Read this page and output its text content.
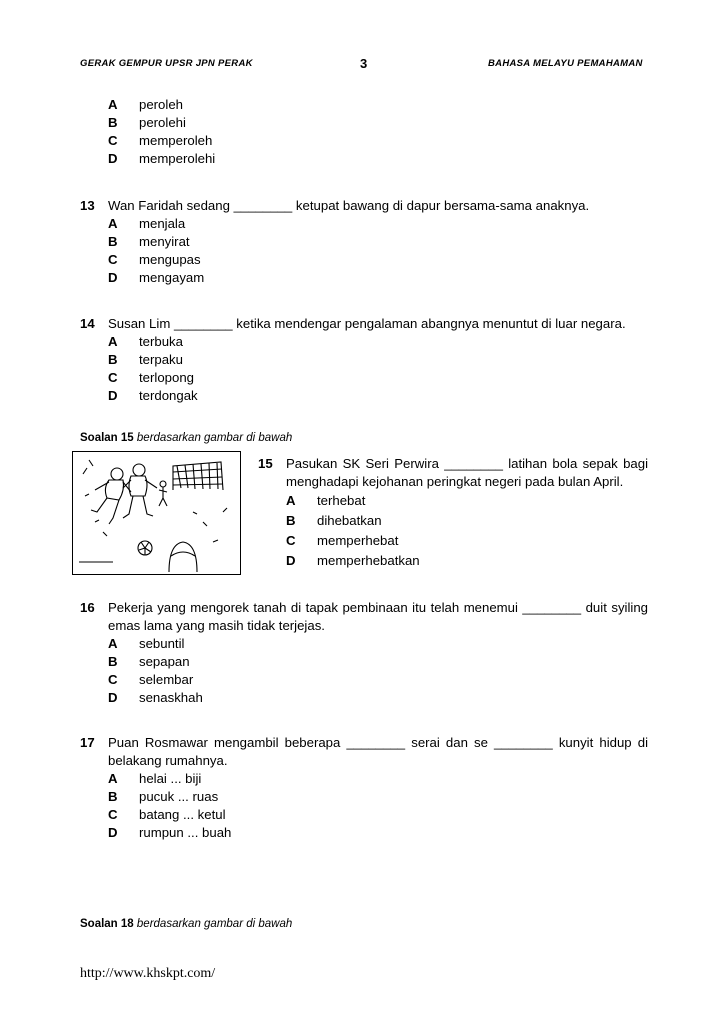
GERAK GEMPUR UPSR JPN PERAK	3	BAHASA MELAYU PEMAHAMAN
A peroleh
B perolehi
C memperoleh
D memperolehi
13 Wan Faridah sedang ________ ketupat bawang di dapur bersama-sama anaknya.
A menjala
B menyirat
C mengupas
D mengayam
14 Susan Lim ________ ketika mendengar pengalaman abangnya menuntut di luar negara.
A terbuka
B terpaku
C terlopong
D terdongak
Soalan 15 berdasarkan gambar di bawah
15 Pasukan SK Seri Perwira ________ latihan bola sepak bagi menghadapi kejohanan peringkat negeri pada bulan April.
A terhebat
B dihebatkan
C memperhebat
D memperhebatkan
16 Pekerja yang mengorek tanah di tapak pembinaan itu telah menemui ________ duit syiling emas lama yang masih tidak terjejas.
A sebuntil
B sepapan
C selembar
D senaskhah
17 Puan Rosmawar mengambil beberapa ________ serai dan se ________ kunyit hidup di belakang rumahnya.
A helai ... biji
B pucuk ... ruas
C batang ... ketul
D rumpun ... buah
Soalan 18 berdasarkan gambar di bawah
http://www.khskpt.com/
